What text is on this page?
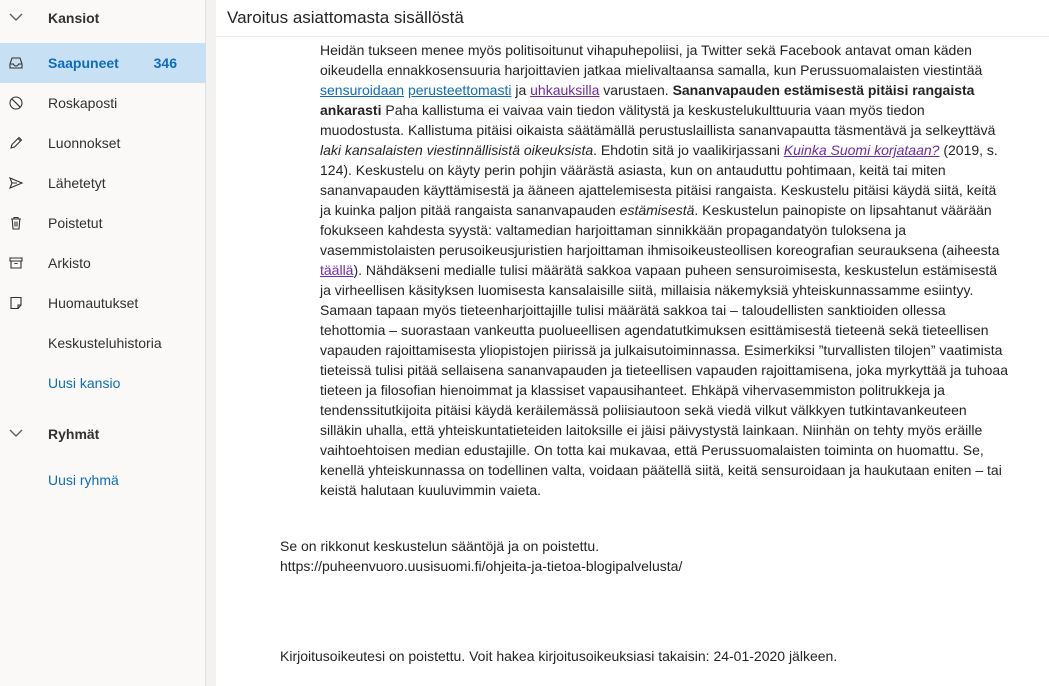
Kansiot
Saapuneet 346
Roskaposti
Luonnokset
Lähetetyt
Poistetut
Arkisto
Huomautukset
Keskusteluhistoria
Uusi kansio
Ryhmät
Uusi ryhmä
Varoitus asiattomasta sisällöstä
Heidän tukseen menee myös politisoitunut vihapuhepoliisi, ja Twitter sekä Facebook antavat oman käden oikeudella ennakkosensuuria harjoittavien jatkaa mielivaltaansa samalla, kun Perussuomalaisten viestintää sensuroidaan perusteettomasti ja uhkauksilla varustaen. Sananvapauden estämisestä pitäisi rangaista ankarasti Paha kallistuma ei vaivaa vain tiedon välitystä ja keskustelukulttuuria vaan myös tiedon muodostusta. Kallistuma pitäisi oikaista säätämällä perustuslaillista sananvapautta täsmentävä ja selkeyttävä laki kansalaisten viestinnällisistä oikeuksista. Ehdotin sitä jo vaalikirjassani Kuinka Suomi korjataan? (2019, s. 124). Keskustelu on käyty perin pohjin väärästä asiasta, kun on antauduttu pohtimaan, keitä tai miten sananvapauden käyttämisestä ja ääneen ajattelemisesta pitäisi rangaista. Keskustelu pitäisi käydä siitä, keitä ja kuinka paljon pitää rangaista sananvapauden estämisestä. Keskustelun painopiste on lipsahtanut väärään fokukseen kahdesta syystä: valtamedian harjoittaman sinnikkään propagandatyön tuloksena ja vasemmistolaisten perusoikeusjuristien harjoittaman ihmisoikeusteollisen koreografian seurauksena (aiheesta täällä). Nähdäkseni medialle tulisi määrätä sakkoa vapaan puheen sensuroimisesta, keskustelun estämisestä ja virheellisen käsityksen luomisesta kansalaisille siitä, millaisia näkemyksiä yhteiskunnassamme esiintyy. Samaan tapaan myös tieteenharjoittajille tulisi määrätä sakkoa tai – taloudellisten sanktioiden ollessa tehottomia – suorastaan vankeutta puolueellisen agendatutkimuksen esittämisestä tieteenä sekä tieteellisen vapauden rajoittamisesta yliopistojen piirissä ja julkaisutoiminnassa. Esimerkiksi ”turvallisten tilojen” vaatimista tieteissä tulisi pitää sellaisena sananvapauden ja tieteellisen vapauden rajoittamisena, joka myrkyttää ja tuhoaa tieteen ja filosofian hienoimmat ja klassiset vapausihanteet. Ehkäpä vihervasemmiston politrukkeja ja tendenssitutkijoita pitäisi käydä keräilemässä poliisiautoon sekä viedä vilkut välkkyen tutkintavankeuteen silläkin uhalla, että yhteiskuntatieteiden laitoksille ei jäisi päivystystä lainkaan. Niinhän on tehty myös eräille vaihtoehtoisen median edustajille. On totta kai mukavaa, että Perussuomalaisten toiminta on huomattu. Se, kenellä yhteiskunnassa on todellinen valta, voidaan päätellä siitä, keitä sensuroidaan ja haukutaan eniten – tai keistä halutaan kuuluvimmin vaieta.
Se on rikkonut keskustelun sääntöjä ja on poistettu.
https://puheenvuoro.uusisuomi.fi/ohjeita-ja-tietoa-blogipalvelusta/
Kirjoitusoikeutesi on poistettu. Voit hakea kirjoitusoikeuksiasi takaisin: 24-01-2020 jälkeen.
